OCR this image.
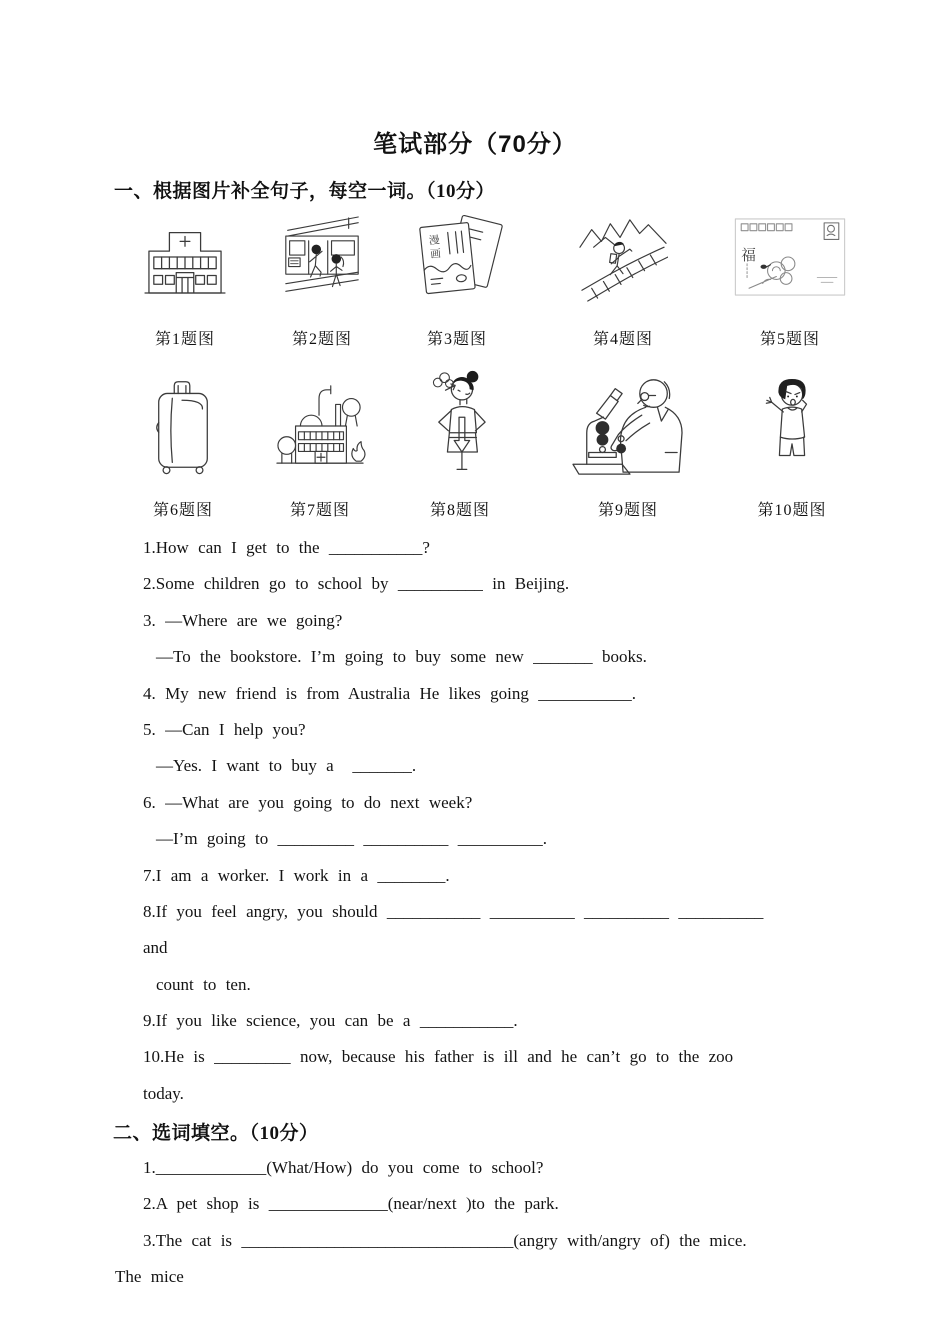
笔试部分（70分）
一、根据图片补全句子，每空一词。（10分）
第1题图	第2题图
漫
画
第3题图	第4题图
福
第5题图
第6题图	第7题图	第8题图	第9题图	第10题图
1.How can I get to the ___________?
2.Some children go to school by __________ in Beijing.
3. —Where are we going?
—To the bookstore. I’m going to buy some new _______ books.
4. My new friend is from Australia He likes going ___________.
5. —Can I help you?
—Yes. I want to buy a  _______.
6. —What are you going to do next week?
—I’m going to _________ __________ __________.
7.I am a worker. I work in a ________.
8.If you feel angry, you should ___________ __________ __________ __________
and
count to ten.
9.If you like science, you can be a ___________.
10.He is _________ now, because his father is ill and he can’t go to the zoo
today.
二、选词填空。（10分）
1._____________(What/How) do you come to school?
2.A pet shop is ______________(near/next )to the park.
3.The cat is ________________________________(angry with/angry of) the mice.
The mice
